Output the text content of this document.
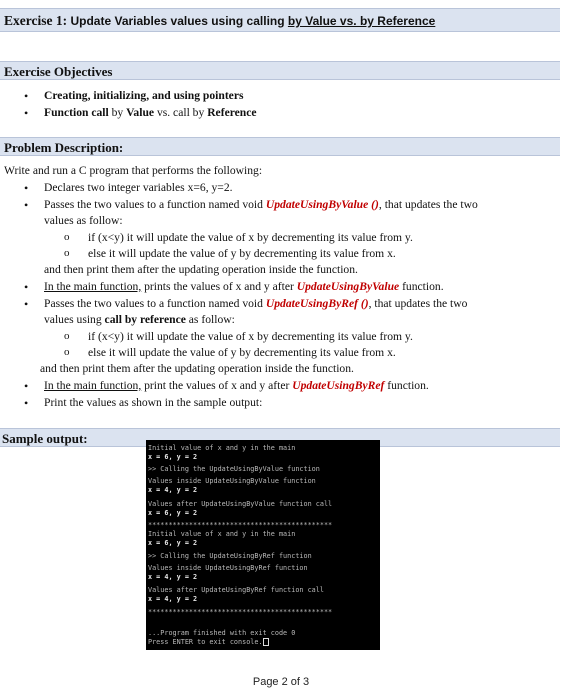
Exercise 1: Update Variables values using calling by Value vs. by Reference
Exercise Objectives
• Creating, initializing, and using pointers
• Function call by Value vs. call by Reference
Problem Description:
Write and run a C program that performs the following:
• Declares two integer variables x=6, y=2.
• Passes the two values to a function named void UpdateUsingByValue (), that updates the two
values as follow:
o if (x<y) it will update the value of x by decrementing its value from y.
o else it will update the value of y by decrementing its value from x.
and then print them after the updating operation inside the function.
• In the main function, prints the values of x and y after UpdateUsingByValue function.
• Passes the two values to a function named void UpdateUsingByRef (), that updates the two
values using call by reference as follow:
o if (x<y) it will update the value of x by decrementing its value from y.
o else it will update the value of y by decrementing its value from x.
and then print them after the updating operation inside the function.
• In the main function, print the values of x and y after UpdateUsingByRef function.
• Print the values as shown in the sample output:
Sample output:
Initial value of x and y in the main
x = 6, y = 2
>> Calling the UpdateUsingByValue function
Values inside UpdateUsingByValue function
x = 4, y = 2
Values after UpdateUsingByValue function call
x = 6, y = 2
*********************************************
Initial value of x and y in the main
x = 6, y = 2
>> Calling the UpdateUsingByRef function
Values inside UpdateUsingByRef function
x = 4, y = 2
Values after UpdateUsingByRef function call
x = 4, y = 2
*********************************************
...Program finished with exit code 0
Press ENTER to exit console.
Page 2 of 3
